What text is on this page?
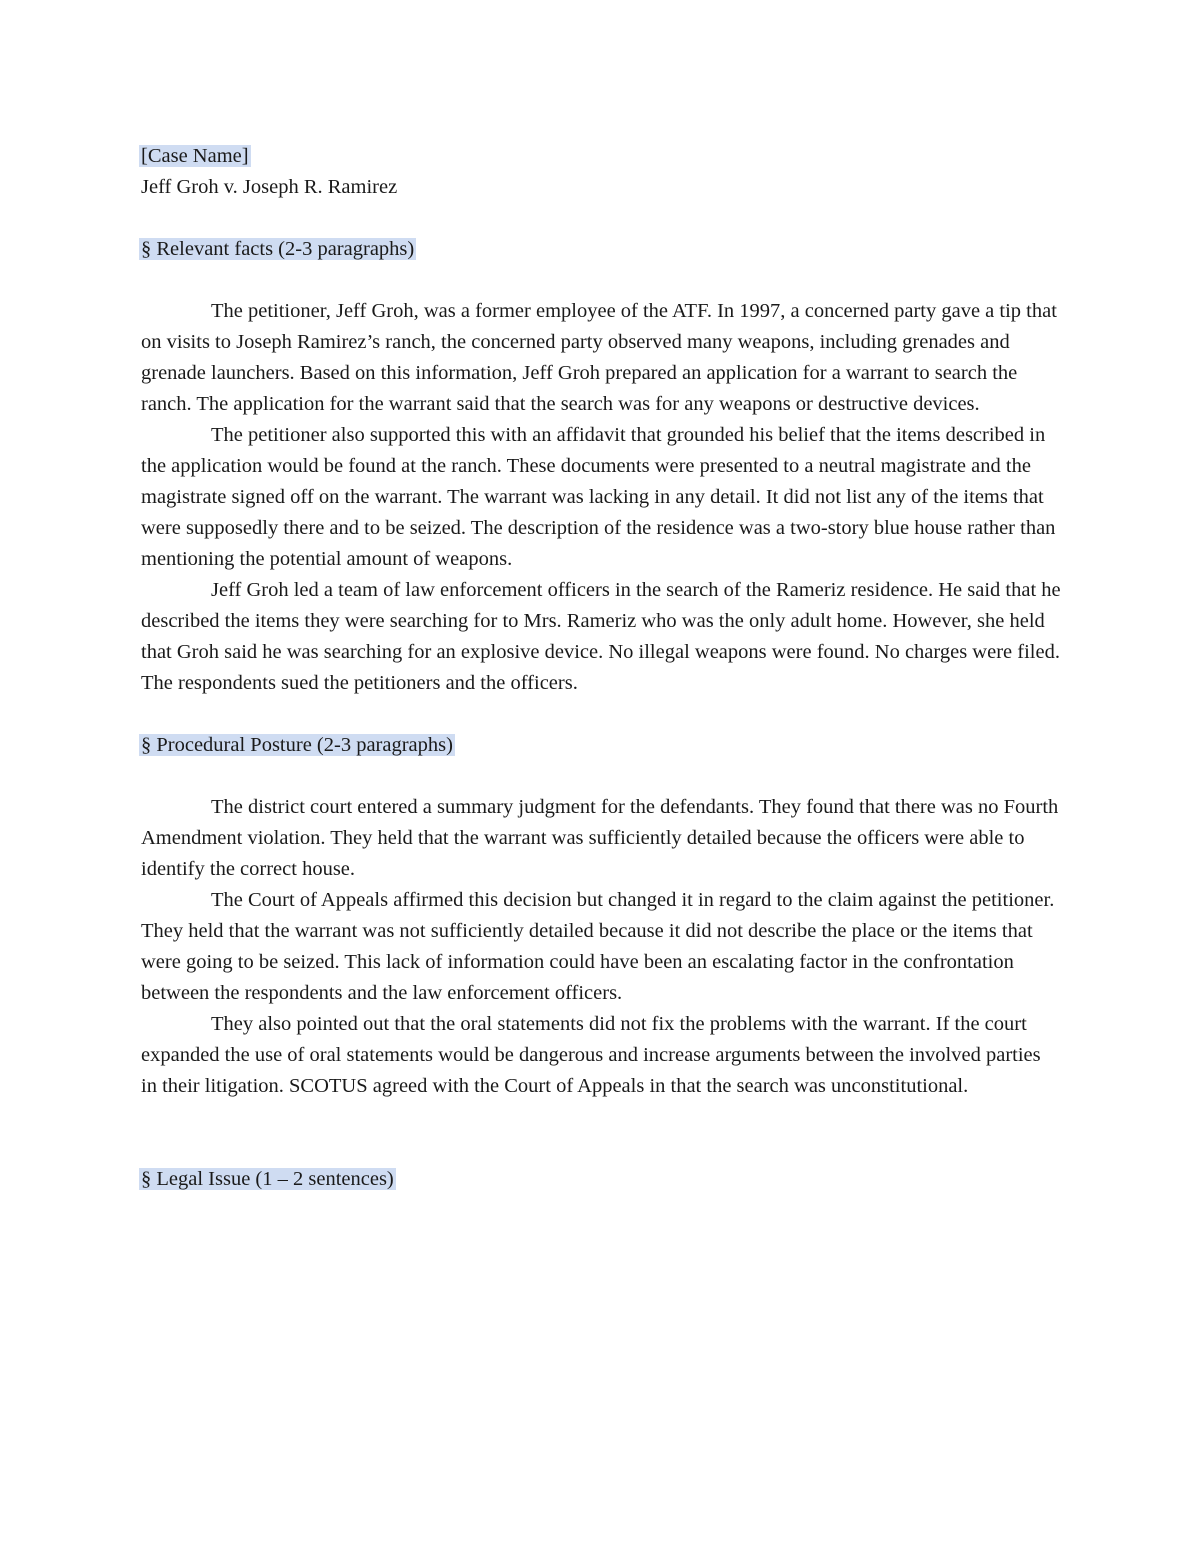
[Case Name]

Jeff Groh v. Joseph R. Ramirez

§ Relevant facts (2-3 paragraphs)

The petitioner, Jeff Groh, was a former employee of the ATF. In 1997, a concerned party gave a tip that on visits to Joseph Ramirez’s ranch, the concerned party observed many weapons, including grenades and grenade launchers. Based on this information, Jeff Groh prepared an application for a warrant to search the ranch. The application for the warrant said that the search was for any weapons or destructive devices.

The petitioner also supported this with an affidavit that grounded his belief that the items described in the application would be found at the ranch. These documents were presented to a neutral magistrate and the magistrate signed off on the warrant. The warrant was lacking in any detail. It did not list any of the items that were supposedly there and to be seized. The description of the residence was a two-story blue house rather than mentioning the potential amount of weapons.

Jeff Groh led a team of law enforcement officers in the search of the Rameriz residence. He said that he described the items they were searching for to Mrs. Rameriz who was the only adult home. However, she held that Groh said he was searching for an explosive device. No illegal weapons were found. No charges were filed. The respondents sued the petitioners and the officers.

§ Procedural Posture (2-3 paragraphs)

The district court entered a summary judgment for the defendants. They found that there was no Fourth Amendment violation. They held that the warrant was sufficiently detailed because the officers were able to identify the correct house.

The Court of Appeals affirmed this decision but changed it in regard to the claim against the petitioner. They held that the warrant was not sufficiently detailed because it did not describe the place or the items that were going to be seized. This lack of information could have been an escalating factor in the confrontation between the respondents and the law enforcement officers.

They also pointed out that the oral statements did not fix the problems with the warrant. If the court expanded the use of oral statements would be dangerous and increase arguments between the involved parties in their litigation. SCOTUS agreed with the Court of Appeals in that the search was unconstitutional.

§ Legal Issue (1 – 2 sentences)
